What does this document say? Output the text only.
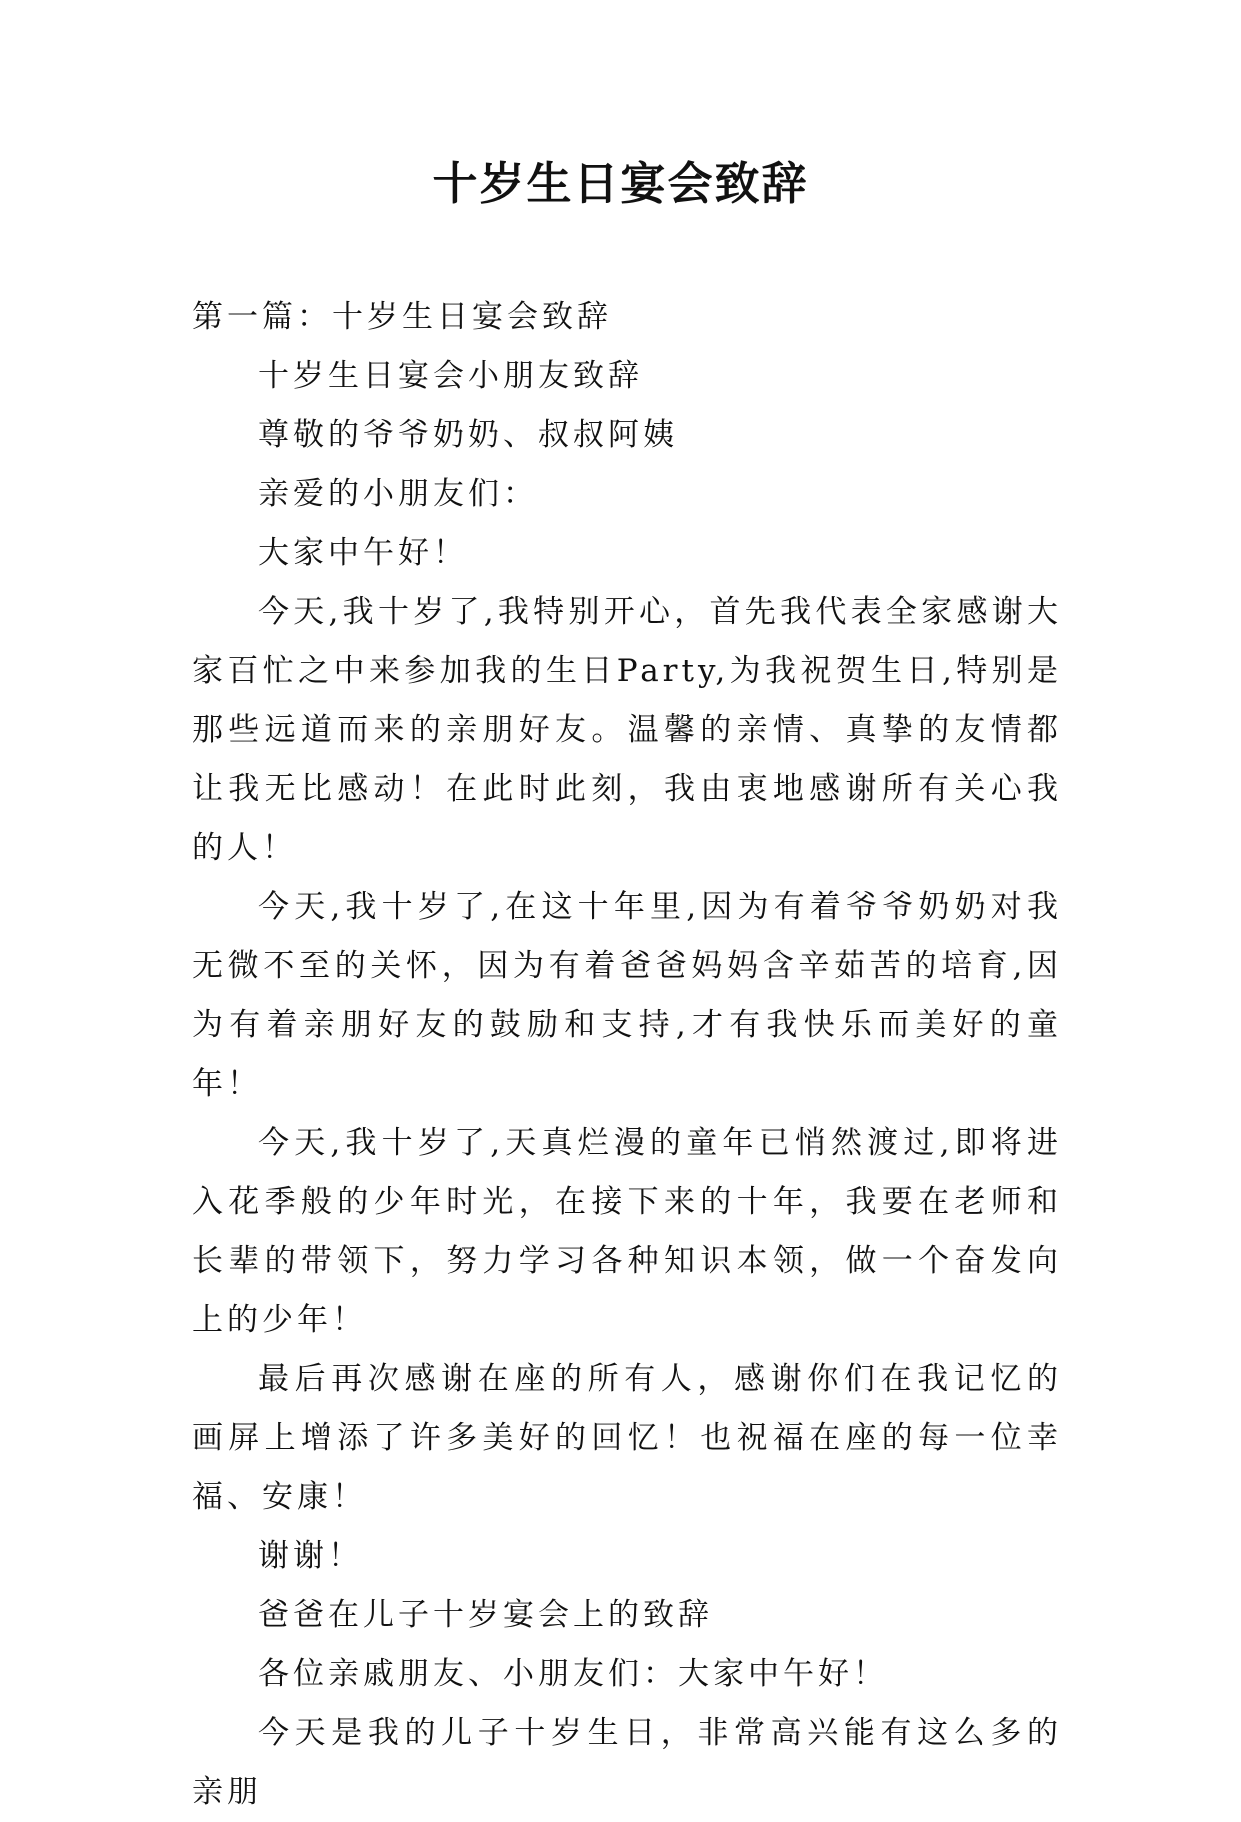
十岁生日宴会致辞

第一篇：十岁生日宴会致辞

十岁生日宴会小朋友致辞

尊敬的爷爷奶奶、叔叔阿姨

亲爱的小朋友们：

大家中午好！

今天,我十岁了,我特别开心，首先我代表全家感谢大家百忙之中来参加我的生日Party,为我祝贺生日,特别是那些远道而来的亲朋好友。温馨的亲情、真挚的友情都让我无比感动！在此时此刻，我由衷地感谢所有关心我的人！

今天,我十岁了,在这十年里,因为有着爷爷奶奶对我无微不至的关怀，因为有着爸爸妈妈含辛茹苦的培育,因为有着亲朋好友的鼓励和支持,才有我快乐而美好的童年！

今天,我十岁了,天真烂漫的童年已悄然渡过,即将进入花季般的少年时光，在接下来的十年，我要在老师和长辈的带领下，努力学习各种知识本领，做一个奋发向上的少年！

最后再次感谢在座的所有人，感谢你们在我记忆的画屏上增添了许多美好的回忆！也祝福在座的每一位幸福、安康！

谢谢！

爸爸在儿子十岁宴会上的致辞

各位亲戚朋友、小朋友们：大家中午好！

今天是我的儿子十岁生日，非常高兴能有这么多的亲朋
